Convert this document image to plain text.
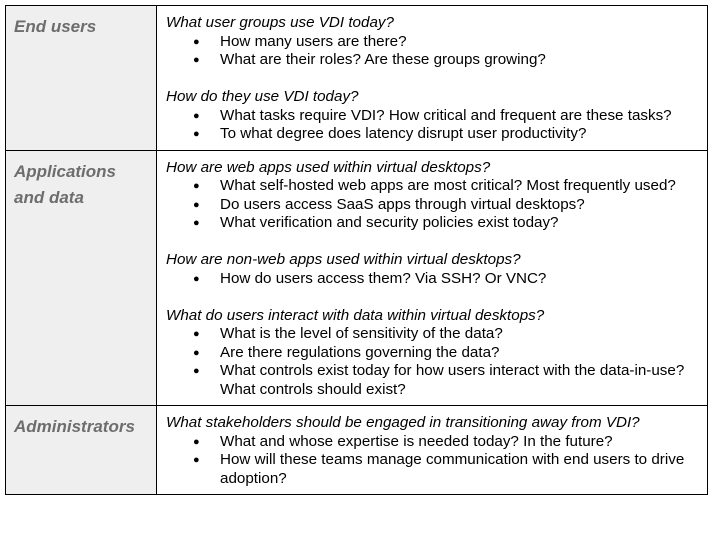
End users	What user groups use VDI today?
● How many users are there?
● What are their roles? Are these groups growing?
How do they use VDI today?
● What tasks require VDI? How critical and frequent are these tasks?
● To what degree does latency disrupt user productivity?
Applications and data
How are web apps used within virtual desktops?
● What self-hosted web apps are most critical? Most frequently used?
● Do users access SaaS apps through virtual desktops?
● What verification and security policies exist today?
How are non-web apps used within virtual desktops?
● How do users access them? Via SSH? Or VNC?
What do users interact with data within virtual desktops?
● What is the level of sensitivity of the data?
● Are there regulations governing the data?
● What controls exist today for how users interact with the data-in-use? What controls should exist?
Administrators	What stakeholders should be engaged in transitioning away from VDI?
● What and whose expertise is needed today? In the future?
● How will these teams manage communication with end users to drive adoption?
